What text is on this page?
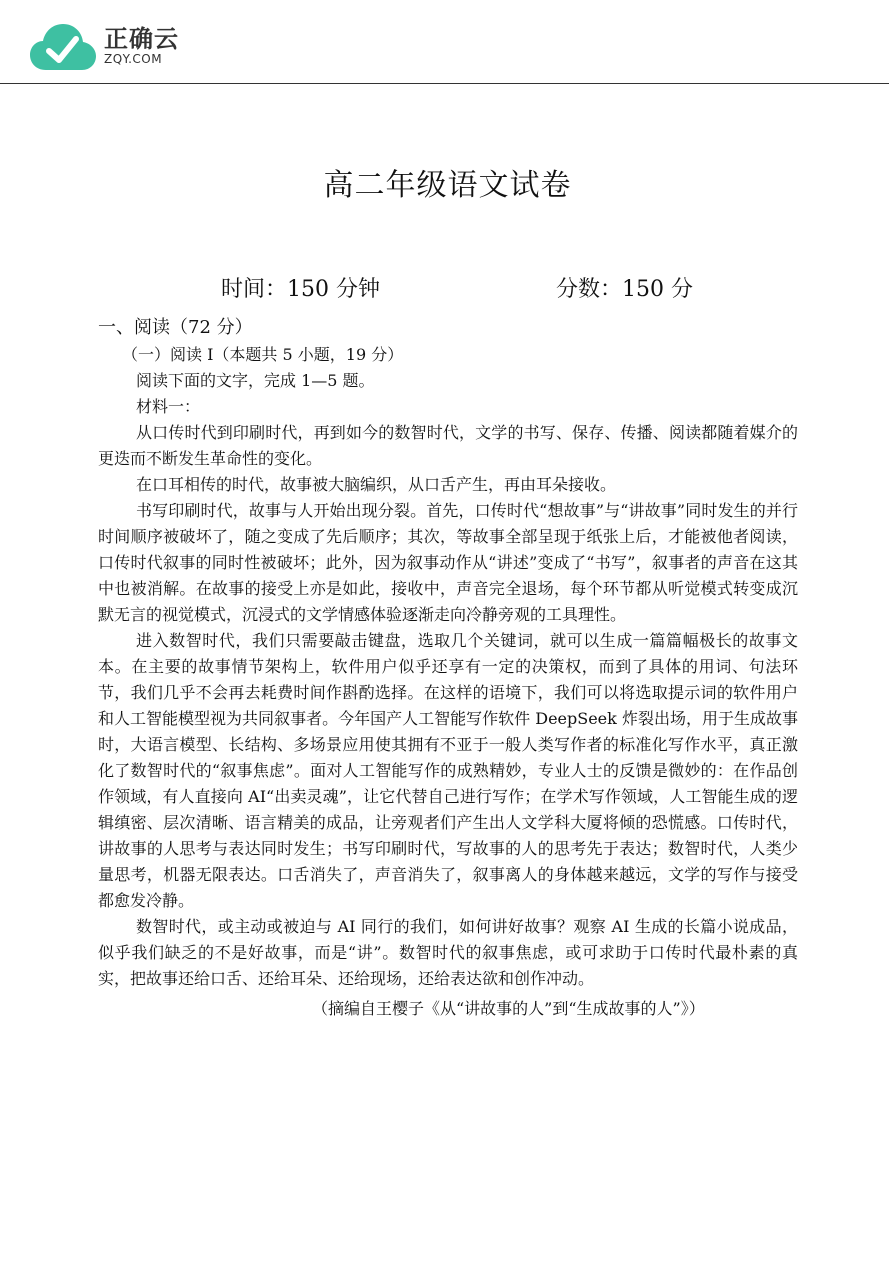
正确云
ZQY.COM
高二年级语文试卷
时间：150 分钟	分数：150 分

一、阅读（72 分）

（一）阅读 I（本题共 5 小题，19 分）

阅读下面的文字，完成 1—5 题。

材料一：

从口传时代到印刷时代，再到如今的数智时代，文学的书写、保存、传播、阅读都随着媒介的更迭而不断发生革命性的变化。

在口耳相传的时代，故事被大脑编织，从口舌产生，再由耳朵接收。

书写印刷时代，故事与人开始出现分裂。首先，口传时代“想故事”与“讲故事”同时发生的并行时间顺序被破坏了，随之变成了先后顺序；其次，等故事全部呈现于纸张上后，才能被他者阅读，口传时代叙事的同时性被破坏；此外，因为叙事动作从“讲述”变成了“书写”，叙事者的声音在这其中也被消解。在故事的接受上亦是如此，接收中，声音完全退场，每个环节都从听觉模式转变成沉默无言的视觉模式，沉浸式的文学情感体验逐渐走向冷静旁观的工具理性。

进入数智时代，我们只需要敲击键盘，选取几个关键词，就可以生成一篇篇幅极长的故事文本。在主要的故事情节架构上，软件用户似乎还享有一定的决策权，而到了具体的用词、句法环节，我们几乎不会再去耗费时间作斟酌选择。在这样的语境下，我们可以将选取提示词的软件用户和人工智能模型视为共同叙事者。今年国产人工智能写作软件 DeepSeek 炸裂出场，用于生成故事时，大语言模型、长结构、多场景应用使其拥有不亚于一般人类写作者的标准化写作水平，真正激化了数智时代的“叙事焦虑”。面对人工智能写作的成熟精妙，专业人士的反馈是微妙的：在作品创作领域，有人直接向 AI“出卖灵魂”，让它代替自己进行写作；在学术写作领域，人工智能生成的逻辑缜密、层次清晰、语言精美的成品，让旁观者们产生出人文学科大厦将倾的恐慌感。口传时代，讲故事的人思考与表达同时发生；书写印刷时代，写故事的人的思考先于表达；数智时代，人类少量思考，机器无限表达。口舌消失了，声音消失了，叙事离人的身体越来越远，文学的写作与接受都愈发冷静。

数智时代，或主动或被迫与 AI 同行的我们，如何讲好故事？观察 AI 生成的长篇小说成品，似乎我们缺乏的不是好故事，而是“讲”。数智时代的叙事焦虑，或可求助于口传时代最朴素的真实，把故事还给口舌、还给耳朵、还给现场，还给表达欲和创作冲动。

（摘编自王樱子《从“讲故事的人”到“生成故事的人”》）
